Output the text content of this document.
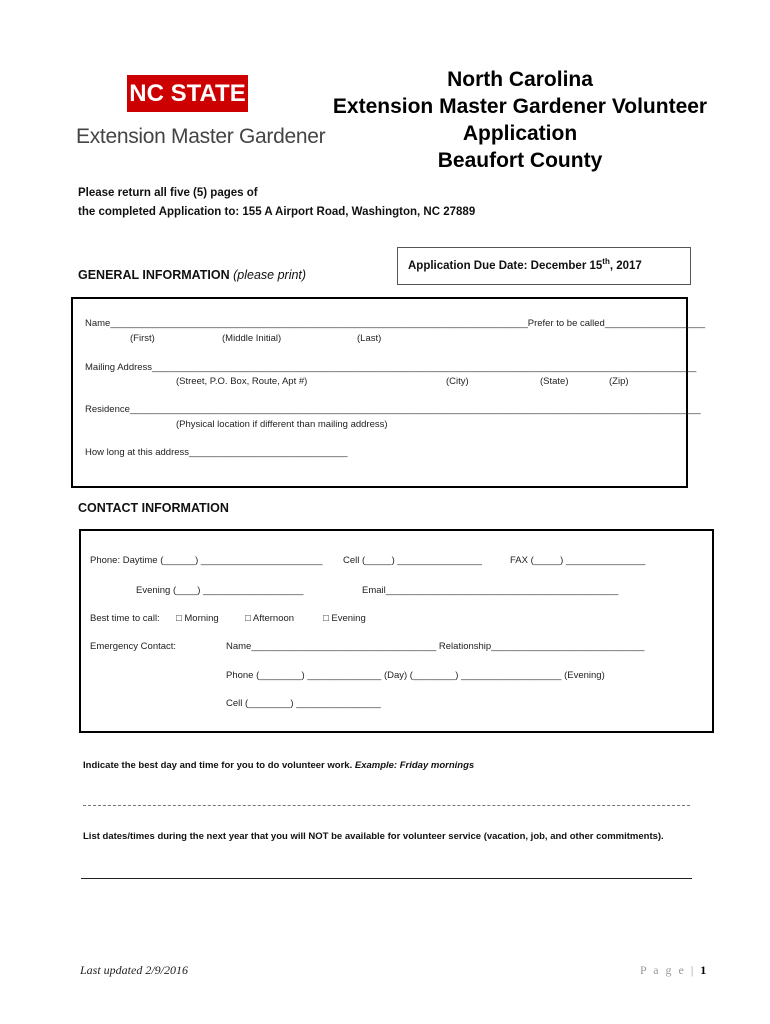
NC STATE
Extension Master Gardener
North Carolina
Extension Master Gardener Volunteer
Application
Beaufort County
Please return all five (5) pages of
the completed Application to: 155 A Airport Road, Washington, NC 27889
Application Due Date: December 15th, 2017
GENERAL INFORMATION (please print)
Name_______________________________________________________________________________Prefer to be called___________________
(First)	(Middle Initial)	(Last)
Mailing Address_______________________________________________________________________________________________________
(Street, P.O. Box, Route, Apt #)	(City)	(State)	(Zip)
Residence____________________________________________________________________________________________________________
(Physical location if different than mailing address)
How long at this address______________________________
CONTACT INFORMATION
Phone: Daytime (______) _______________________ Cell (_____) ________________	FAX (_____) _______________
Evening (____) ___________________	Email____________________________________________
Best time to call: □ Morning	□ Afternoon	□ Evening
Emergency Contact:	Name___________________________________ Relationship_____________________________
Phone (________) ______________ (Day) (________) ___________________ (Evening)
Cell (________) ________________
Indicate the best day and time for you to do volunteer work. Example: Friday mornings
List dates/times during the next year that you will NOT be available for volunteer service (vacation, job, and other commitments).
Last updated 2/9/2016	P a g e | 1
